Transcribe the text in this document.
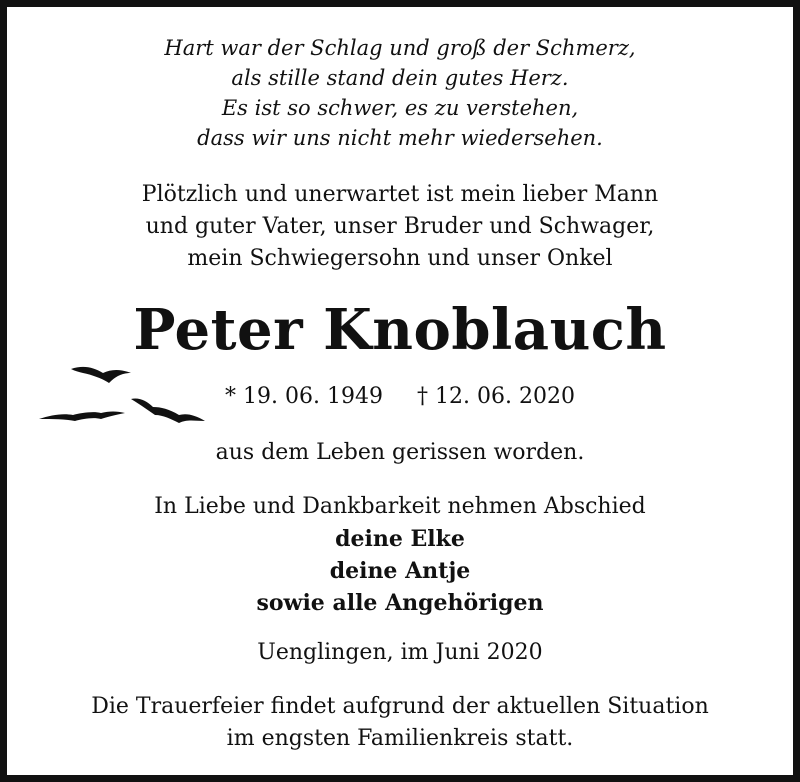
Hart war der Schlag und groß der Schmerz,
als stille stand dein gutes Herz.
Es ist so schwer, es zu verstehen,
dass wir uns nicht mehr wiedersehen.
Plötzlich und unerwartet ist mein lieber Mann
und guter Vater, unser Bruder und Schwager,
mein Schwiegersohn und unser Onkel
Peter Knoblauch
* 19. 06. 1949 † 12. 06. 2020
aus dem Leben gerissen worden.
In Liebe und Dankbarkeit nehmen Abschied
deine Elke
deine Antje
sowie alle Angehörigen
Uenglingen, im Juni 2020
Die Trauerfeier findet aufgrund der aktuellen Situation
im engsten Familienkreis statt.
